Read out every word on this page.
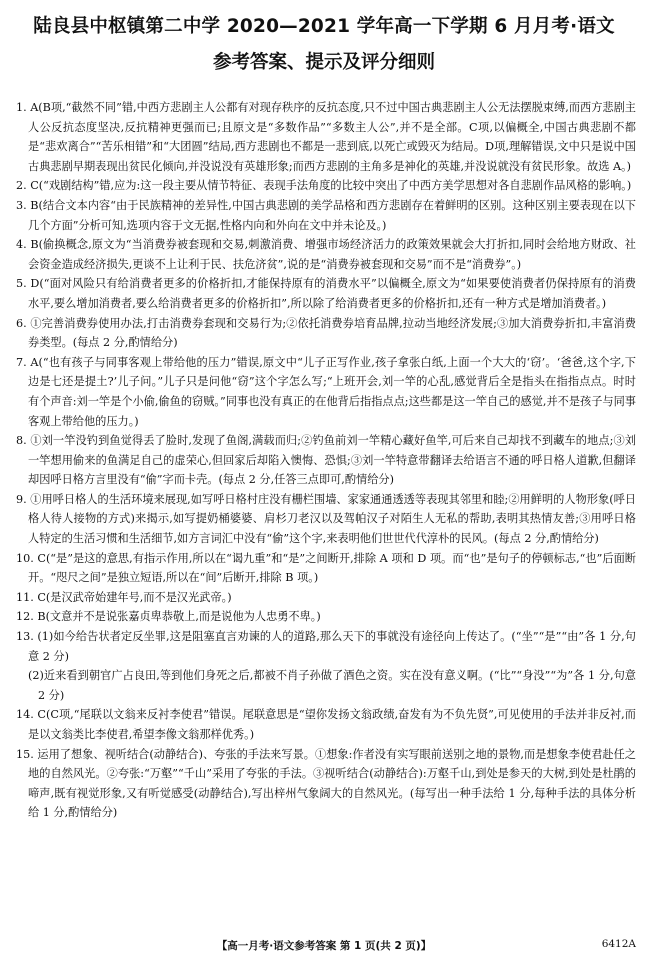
陆良县中枢镇第二中学 2020—2021 学年高一下学期 6 月月考·语文
参考答案、提示及评分细则

1. A(B项,“截然不同”错,中西方悲剧主人公都有对现存秩序的反抗态度,只不过中国古典悲剧主人公无法摆脱束缚,而西方悲剧主人公反抗态度坚决,反抗精神更强而已;且原文是“多数作品”“多数主人公”,并不是全部。C项,以偏概全,中国古典悲剧不都是“悲欢离合”“苦乐相错”和“大团圆”结局,西方悲剧也不都是一悲到底,以死亡或毁灭为结局。D项,理解错误,文中只是说中国古典悲剧早期表现出贫民化倾向,并没说没有英雄形象;而西方悲剧的主角多是神化的英雄,并没说就没有贫民形象。故选 A。)

2. C(“戏剧结构”错,应为:这一段主要从情节特征、表现手法角度的比较中突出了中西方美学思想对各自悲剧作品风格的影响。)

3. B(结合文本内容“由于民族精神的差异性,中国古典悲剧的美学品格和西方悲剧存在着鲜明的区别。这种区别主要表现在以下几个方面”分析可知,选项内容于文无据,性格内向和外向在文中并未论及。)

4. B(偷换概念,原文为“当消费券被套现和交易,刺激消费、增强市场经济活力的政策效果就会大打折扣,同时会给地方财政、社会资金造成经济损失,更谈不上让利于民、扶危济贫”,说的是“消费券被套现和交易”而不是“消费券”。)

5. D(“面对风险只有给消费者更多的价格折扣,才能保持原有的消费水平”以偏概全,原文为“如果要使消费者仍保持原有的消费水平,要么增加消费者,要么给消费者更多的价格折扣”,所以除了给消费者更多的价格折扣,还有一种方式是增加消费者。)

6. ①完善消费券使用办法,打击消费券套现和交易行为;②依托消费券培育品牌,拉动当地经济发展;③加大消费券折扣,丰富消费券类型。(每点 2 分,酌情给分)

7. A(“也有孩子与同事客观上带给他的压力”错误,原文中“儿子正写作业,孩子拿张白纸,上面一个大大的‘窃’。‘爸爸,这个字,下边是七还是提土?’儿子问。”儿子只是问他“窃”这个字怎么写;“上班开会,刘一竿的心乱,感觉背后全是指头在指指点点。时时有个声音:刘一竿是个小偷,偷鱼的窃贼。”同事也没有真正的在他背后指指点点;这些都是这一竿自己的感觉,并不是孩子与同事客观上带给他的压力。)

8. ①刘一竿没钓到鱼觉得丢了脸时,发现了鱼阁,满载而归;②钓鱼前刘一竿精心藏好鱼竿,可后来自己却找不到藏车的地点;③刘一竿想用偷来的鱼满足自己的虚荣心,但回家后却陷入懊悔、恐惧;③刘一竿特意带翻译去给语言不通的呼日格人道歉,但翻译却因呼日格方言里没有“偷”字而卡壳。(每点 2 分,任答三点即可,酌情给分)

9. ①用呼日格人的生活环境来展现,如写呼日格村庄没有栅栏围墙、家家通通透透等表现其邻里和睦;②用鲜明的人物形象(呼日格人待人接物的方式)来揭示,如写提奶桶婆婆、肩杉刀老汉以及驾帕汉子对陌生人无私的帮助,表明其热情友善;③用呼日格人特定的生活习惯和生活细节,如方言词汇中没有“偷”这个字,来表明他们世世代代淳朴的民风。(每点 2 分,酌情给分)

10. C(“是”是这的意思,有指示作用,所以在“谒九重”和“是”之间断开,排除 A 项和 D 项。而“也”是句子的停顿标志,“也”后面断开。“咫尺之间”是独立短语,所以在“间”后断开,排除 B 项。)

11. C(是汉武帝始建年号,而不是汉光武帝。)

12. B(文意并不是说张嘉贞卑恭敬上,而是说他为人忠勇不卑。)

13. (1)如今给告状者定反坐罪,这是阻塞直言劝谏的人的道路,那么天下的事就没有途径向上传达了。(“坐”“是”“由”各 1 分,句意 2 分)

(2)近来看到朝官广占良田,等到他们身死之后,都被不肖子孙做了酒色之资。实在没有意义啊。(“比”“身没”“为”各 1 分,句意 2 分)

14. C(C项,“尾联以文翁来反衬李使君”错误。尾联意思是“望你发扬文翁政绩,奋发有为不负先贤”,可见使用的手法并非反衬,而是以文翁类比李使君,希望李像文翁那样优秀。)

15. 运用了想象、视听结合(动静结合)、夸张的手法来写景。①想象:作者没有实写眼前送别之地的景物,而是想象李使君赴任之地的自然风光。②夸张:“万壑”“千山”采用了夸张的手法。③视听结合(动静结合):万壑千山,到处是参天的大树,到处是杜鹃的啼声,既有视觉形象,又有听觉感受(动静结合),写出梓州气象阔大的自然风光。(每写出一种手法给 1 分,每种手法的具体分析给 1 分,酌情给分)

【高一月考·语文参考答案 第 1 页(共 2 页)】	6412A
